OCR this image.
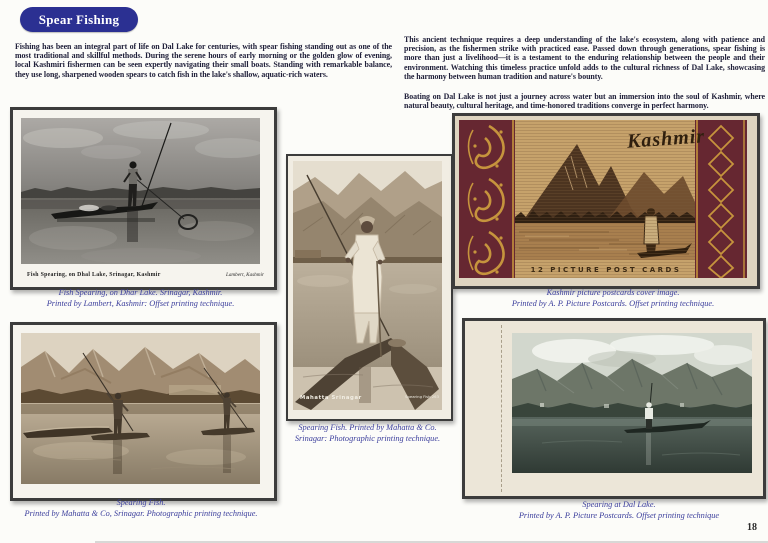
Spear Fishing

Fishing has been an integral part of life on Dal Lake for centuries, with spear fishing standing out as one of the most traditional and skillful methods. During the serene hours of early morning or the golden glow of evening, local Kashmiri fishermen can be seen expertly navigating their small boats. Standing with remarkable balance, they use long, sharpened wooden spears to catch fish in the lake's shallow, aquatic-rich waters.

This ancient technique requires a deep understanding of the lake's ecosystem, along with patience and precision, as the fishermen strike with practiced ease. Passed down through generations, spear fishing is more than just a livelihood—it is a testament to the enduring relationship between the people and their environment. Watching this timeless practice unfold adds to the cultural richness of Dal Lake, showcasing the harmony between human tradition and nature's bounty.

Boating on Dal Lake is not just a journey across water but an immersion into the soul of Kashmir, where natural beauty, cultural heritage, and time-honored traditions converge in perfect harmony.

Fish Spearing, on Dhal Lake, Srinagar, Kashmir	Lambert, Kashmir
Fish Spearing, on Dhar Lake. Srinagar, Kashmir.
Printed by Lambert, Kashmir: Offset printing technique.
Mahatta Srinagar	Spearing Fish 263
Spearing Fish. Printed by Mahatta & Co.
Srinagar: Photographic printing technique.
Kashmir
12 PICTURE POST CARDS
Kashmir picture postcards cover image.
Printed by A. P. Picture Postcards. Offset printing technique.
Spearing Fish.
Printed by Mahatta & Co, Srinagar. Photographic printing technique.
Spearing at Dal Lake.
Printed by A. P. Picture Postcards. Offset printing technique
18
